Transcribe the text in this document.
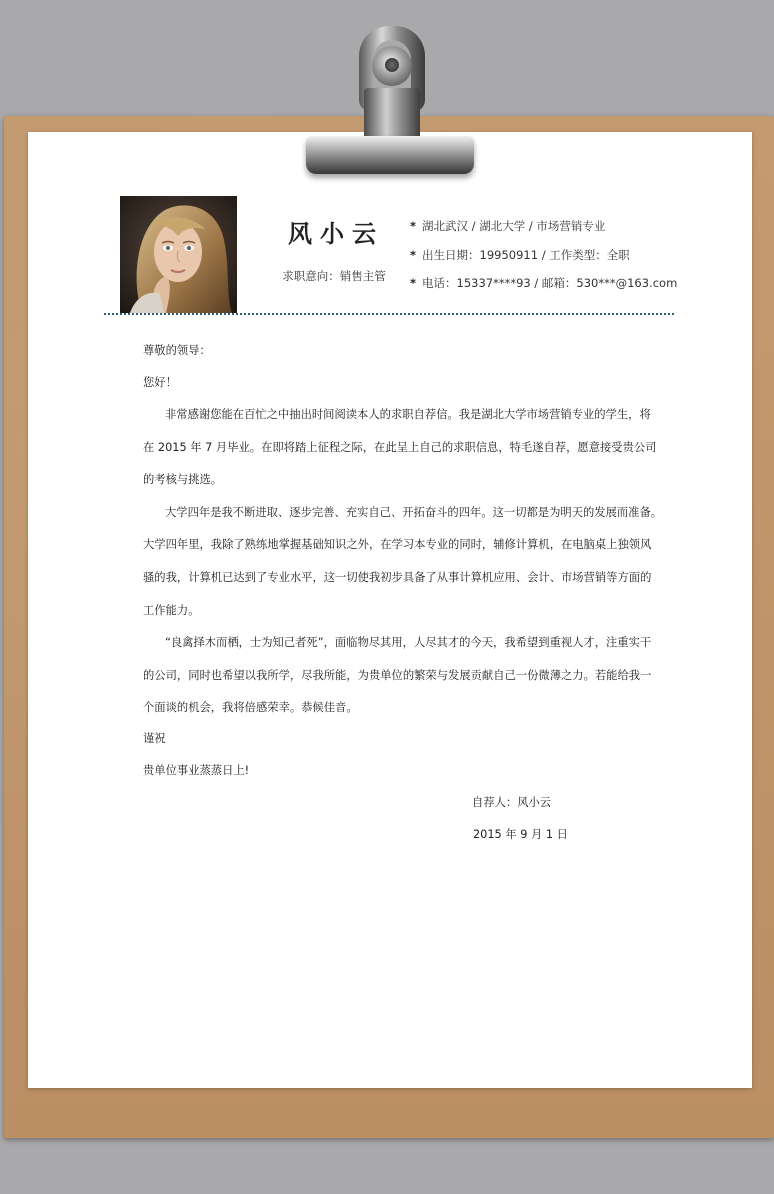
风小云
求职意向：销售主管
* 湖北武汉 / 湖北大学 / 市场营销专业
* 出生日期：19950911 / 工作类型：全职
* 电话：15337****93 / 邮箱：530***@163.com
尊敬的领导：
您好！
非常感谢您能在百忙之中抽出时间阅读本人的求职自荐信。我是湖北大学市场营销专业的学生，将
在 2015 年 7 月毕业。在即将踏上征程之际，在此呈上自己的求职信息，特毛遂自荐，愿意接受贵公司
的考核与挑选。
大学四年是我不断进取、逐步完善、充实自己、开拓奋斗的四年。这一切都是为明天的发展而准备。
大学四年里，我除了熟练地掌握基础知识之外，在学习本专业的同时，辅修计算机，在电脑桌上独领风
骚的我，计算机已达到了专业水平，这一切使我初步具备了从事计算机应用、会计、市场营销等方面的
工作能力。
“良禽择木而栖，士为知己者死”，面临物尽其用，人尽其才的今天，我希望到重视人才，注重实干
的公司，同时也希望以我所学，尽我所能，为贵单位的繁荣与发展贡献自己一份微薄之力。若能给我一
个面谈的机会，我将倍感荣幸。恭候佳音。
谨祝
贵单位事业蒸蒸日上!
自荐人：风小云
2015 年 9 月 1 日
